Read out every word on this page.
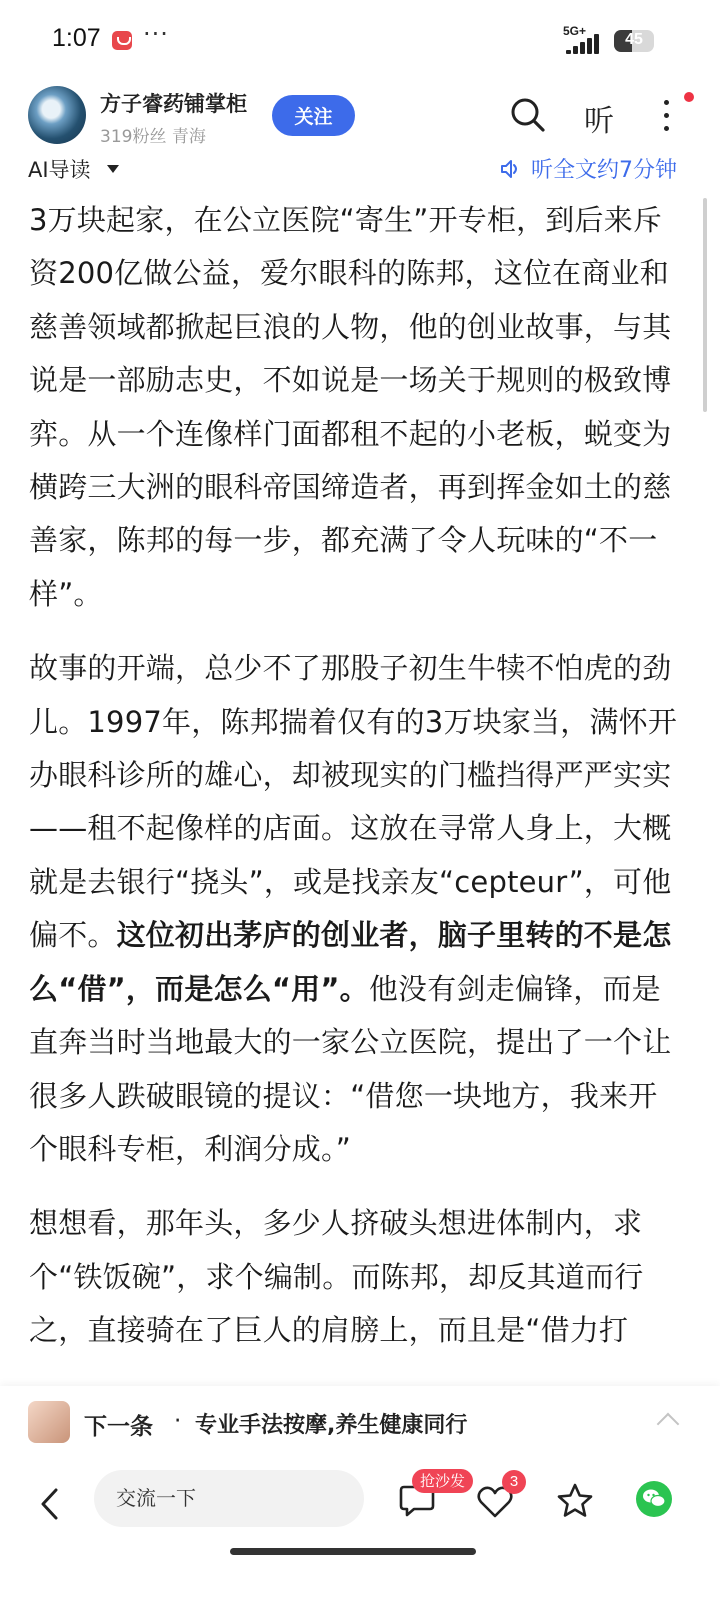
1:07 ···	5G+	45
方子睿药铺掌柜
319粉丝 青海
关注	听
AI导读	听全文约7分钟

3万块起家，在公立医院“寄生”开专柜，到后来斥资200亿做公益，爱尔眼科的陈邦，这位在商业和慈善领域都掀起巨浪的人物，他的创业故事，与其说是一部励志史，不如说是一场关于规则的极致博弈。从一个连像样门面都租不起的小老板，蜕变为横跨三大洲的眼科帝国缔造者，再到挥金如土的慈善家，陈邦的每一步，都充满了令人玩味的“不一样”。

故事的开端，总少不了那股子初生牛犊不怕虎的劲儿。1997年，陈邦揣着仅有的3万块家当，满怀开办眼科诊所的雄心，却被现实的门槛挡得严严实实——租不起像样的店面。这放在寻常人身上，大概就是去银行“挠头”，或是找亲友“cepteur”，可他偏不。这位初出茅庐的创业者，脑子里转的不是怎么“借”，而是怎么“用”。他没有剑走偏锋，而是直奔当时当地最大的一家公立医院，提出了一个让很多人跌破眼镜的提议：“借您一块地方，我来开个眼科专柜，利润分成。”

想想看，那年头，多少人挤破头想进体制内，求个“铁饭碗”，求个编制。而陈邦，却反其道而行之，直接骑在了巨人的肩膀上，而且是“借力打

下一条 · 专业手法按摩,养生健康同行
交流一下
抢沙发	3
